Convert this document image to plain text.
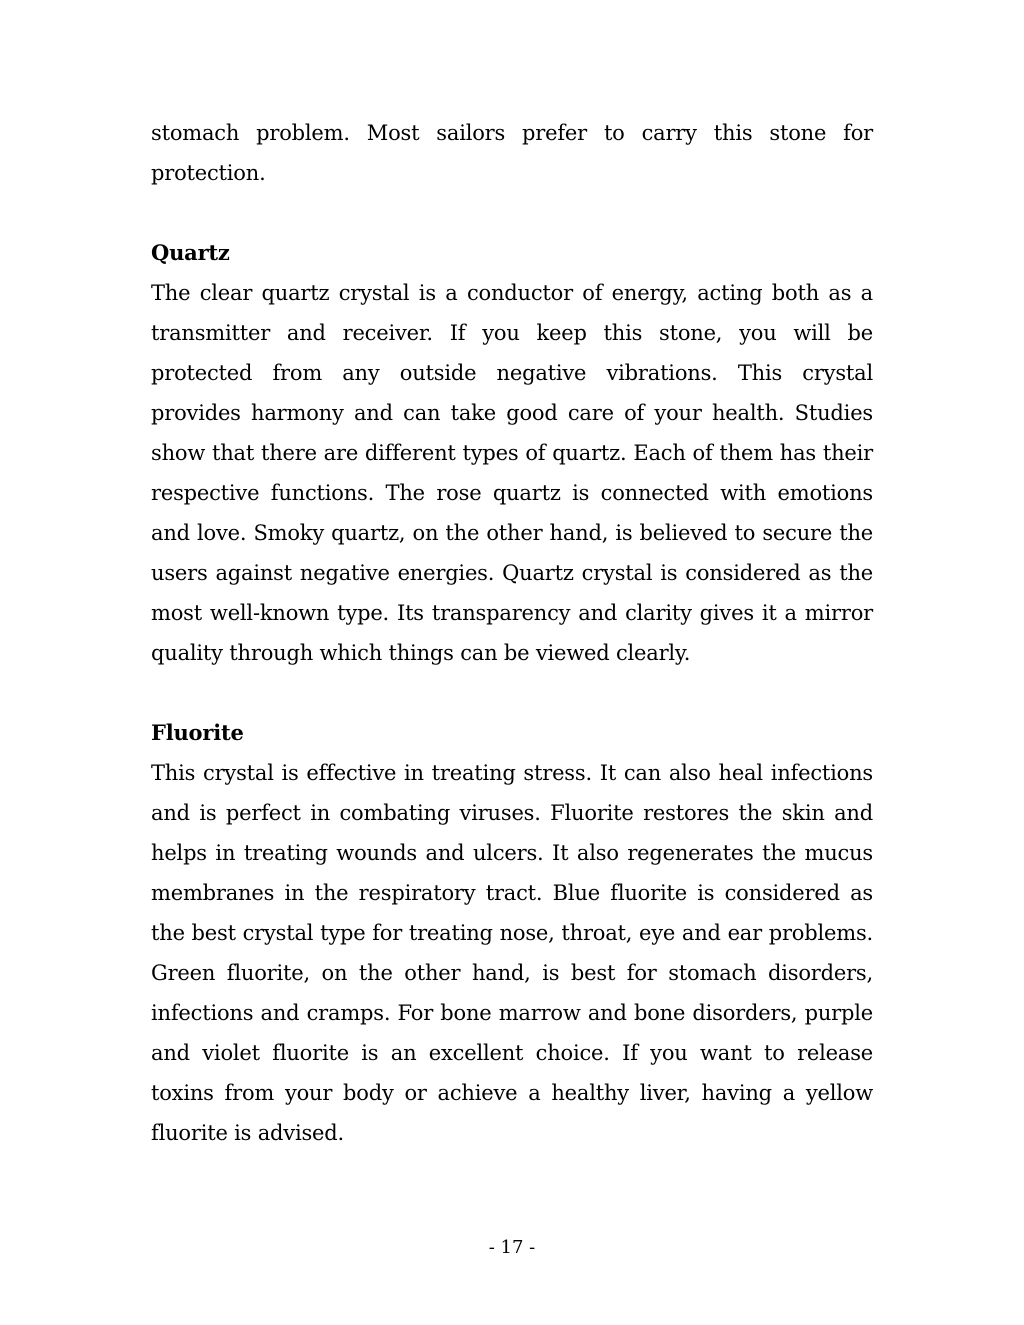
stomach problem. Most sailors prefer to carry this stone for protection.

Quartz

The clear quartz crystal is a conductor of energy, acting both as a transmitter and receiver. If you keep this stone, you will be protected from any outside negative vibrations. This crystal provides harmony and can take good care of your health. Studies show that there are different types of quartz. Each of them has their respective functions. The rose quartz is connected with emotions and love. Smoky quartz, on the other hand, is believed to secure the users against negative energies. Quartz crystal is considered as the most well-known type. Its transparency and clarity gives it a mirror quality through which things can be viewed clearly.

Fluorite

This crystal is effective in treating stress. It can also heal infections and is perfect in combating viruses. Fluorite restores the skin and helps in treating wounds and ulcers. It also regenerates the mucus membranes in the respiratory tract. Blue fluorite is considered as the best crystal type for treating nose, throat, eye and ear problems. Green fluorite, on the other hand, is best for stomach disorders, infections and cramps. For bone marrow and bone disorders, purple and violet fluorite is an excellent choice. If you want to release toxins from your body or achieve a healthy liver, having a yellow fluorite is advised.

- 17 -
